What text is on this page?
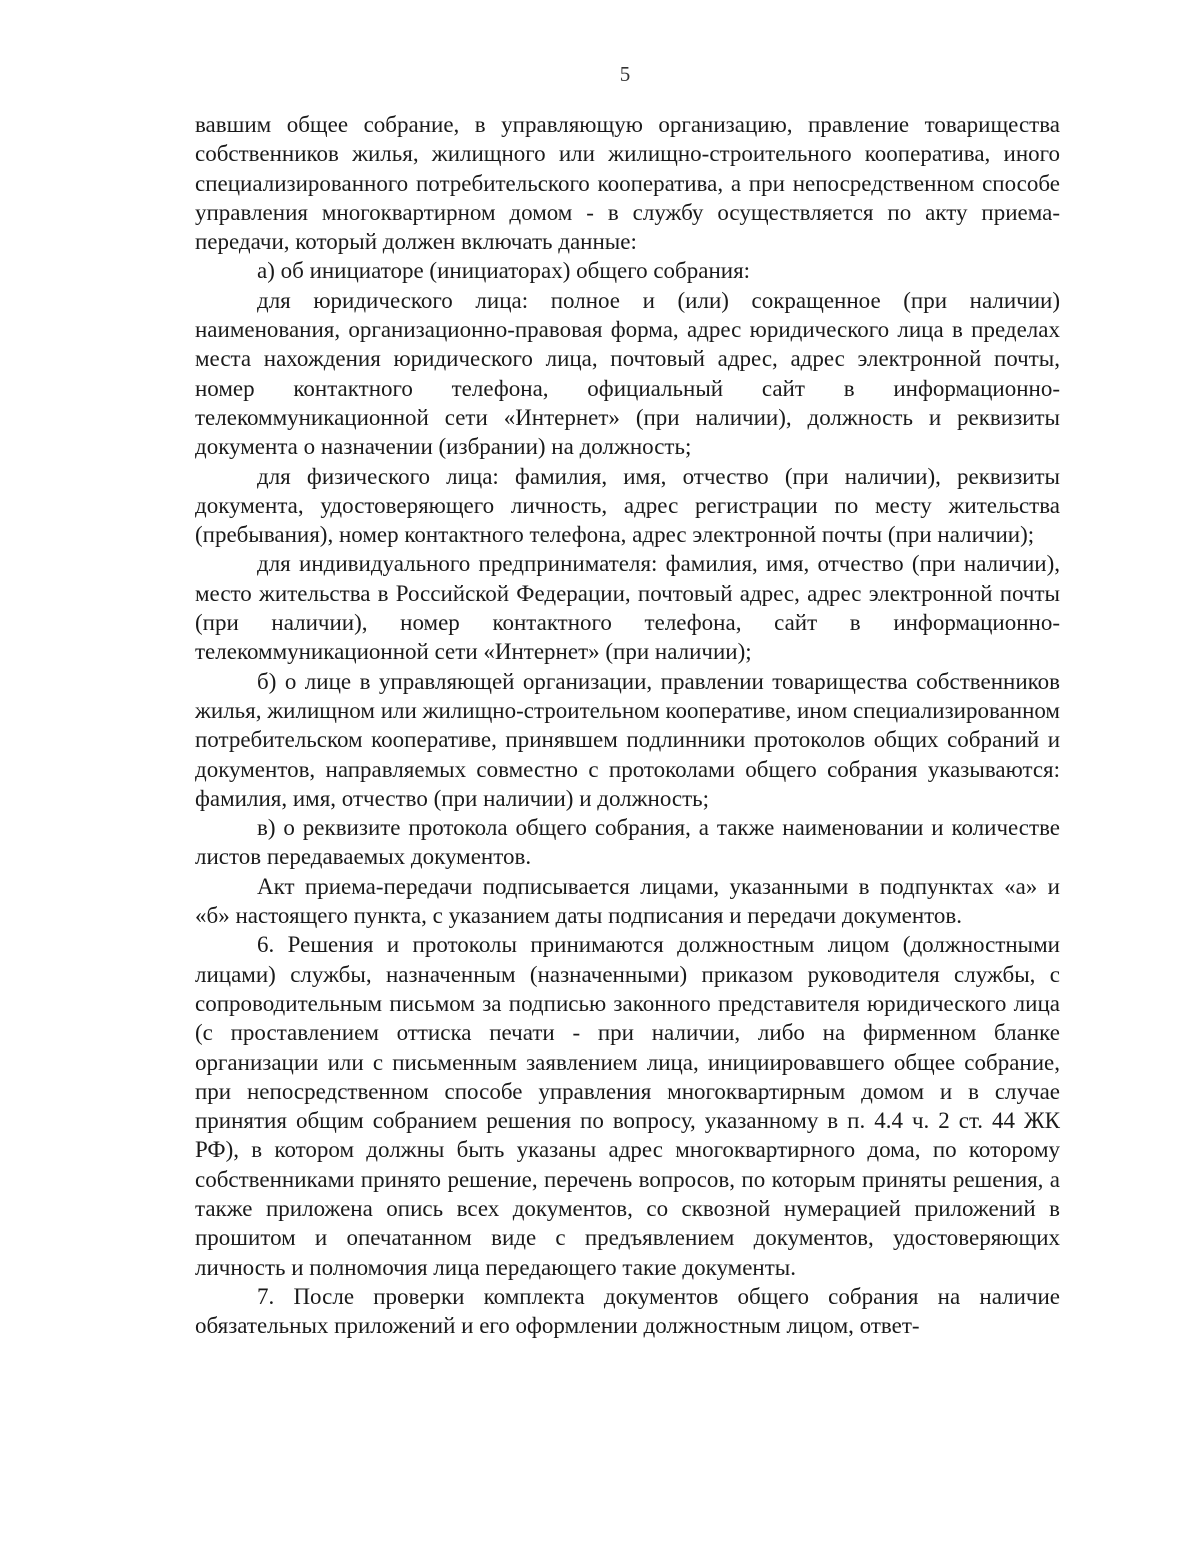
5

вавшим общее собрание, в управляющую организацию, правление товарищества собственников жилья, жилищного или жилищно-строительного кооператива, иного специализированного потребительского кооператива, а при непосредственном способе управления многоквартирном домом - в службу осуществляется по акту приема-передачи, который должен включать данные:

а) об инициаторе (инициаторах) общего собрания:

для юридического лица: полное и (или) сокращенное (при наличии) наименования, организационно-правовая форма, адрес юридического лица в пределах места нахождения юридического лица, почтовый адрес, адрес электронной почты, номер контактного телефона, официальный сайт в информационно-телекоммуникационной сети «Интернет» (при наличии), должность и реквизиты документа о назначении (избрании) на должность;

для физического лица: фамилия, имя, отчество (при наличии), реквизиты документа, удостоверяющего личность, адрес регистрации по месту жительства (пребывания), номер контактного телефона, адрес электронной почты (при наличии);

для индивидуального предпринимателя: фамилия, имя, отчество (при наличии), место жительства в Российской Федерации, почтовый адрес, адрес электронной почты (при наличии), номер контактного телефона, сайт в информационно-телекоммуникационной сети «Интернет» (при наличии);

б) о лице в управляющей организации, правлении товарищества собственников жилья, жилищном или жилищно-строительном кооперативе, ином специализированном потребительском кооперативе, принявшем подлинники протоколов общих собраний и документов, направляемых совместно с протоколами общего собрания указываются: фамилия, имя, отчество (при наличии) и должность;

в) о реквизите протокола общего собрания, а также наименовании и количестве листов передаваемых документов.

Акт приема-передачи подписывается лицами, указанными в подпунктах «а» и «б» настоящего пункта, с указанием даты подписания и передачи документов.

6. Решения и протоколы принимаются должностным лицом (должностными лицами) службы, назначенным (назначенными) приказом руководителя службы, с сопроводительным письмом за подписью законного представителя юридического лица (с проставлением оттиска печати - при наличии, либо на фирменном бланке организации или с письменным заявлением лица, инициировавшего общее собрание, при непосредственном способе управления многоквартирным домом и в случае принятия общим собранием решения по вопросу, указанному в п. 4.4 ч. 2 ст. 44 ЖК РФ), в котором должны быть указаны адрес многоквартирного дома, по которому собственниками принято решение, перечень вопросов, по которым приняты решения, а также приложена опись всех документов, со сквозной нумерацией приложений в прошитом и опечатанном виде с предъявлением документов, удостоверяющих личность и полномочия лица передающего такие документы.

7. После проверки комплекта документов общего собрания на наличие обязательных приложений и его оформлении должностным лицом, ответ-
